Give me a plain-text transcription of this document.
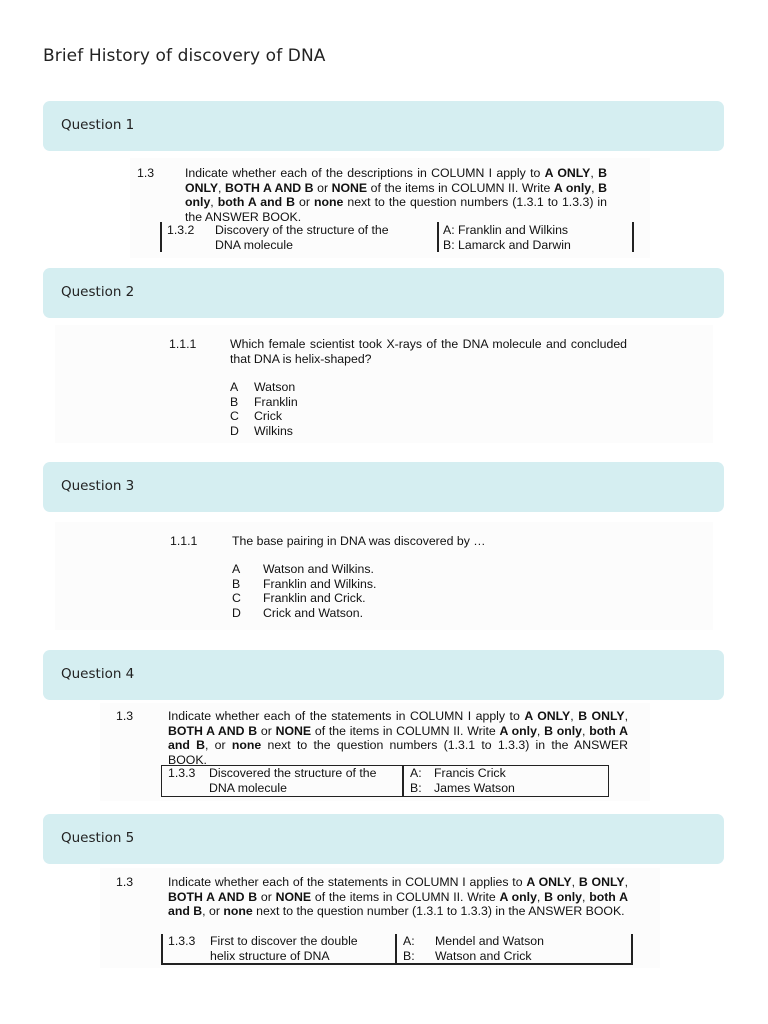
Brief History of discovery of DNA
Question 1
1.3	Indicate whether each of the descriptions in COLUMN I apply to A ONLY, B ONLY, BOTH A AND B or NONE of the items in COLUMN II. Write A only, B only, both A and B or none next to the question numbers (1.3.1 to 1.3.3) in the ANSWER BOOK.
1.3.2 Discovery of the structure of the
DNA molecule
A: Franklin and Wilkins
B: Lamarck and Darwin
Question 2
1.1.1	Which female scientist took X-rays of the DNA molecule and concluded that DNA is helix-shaped?
A Watson
B Franklin
C Crick
D Wilkins
Question 3
1.1.1	The base pairing in DNA was discovered by …
A Watson and Wilkins.
B Franklin and Wilkins.
C Franklin and Crick.
D Crick and Watson.
Question 4
1.3	Indicate whether each of the statements in COLUMN I apply to A ONLY, B ONLY, BOTH A AND B or NONE of the items in COLUMN II. Write A only, B only, both A and B, or none next to the question numbers (1.3.1 to 1.3.3) in the ANSWER BOOK.
1.3.3 Discovered the structure of the
DNA molecule
A: Francis Crick
B: James Watson
Question 5
1.3	Indicate whether each of the statements in COLUMN I applies to A ONLY, B ONLY, BOTH A AND B or NONE of the items in COLUMN II. Write A only, B only, both A and B, or none next to the question number (1.3.1 to 1.3.3) in the ANSWER BOOK.
1.3.3 First to discover the double
helix structure of DNA
A: Mendel and Watson
B: Watson and Crick
